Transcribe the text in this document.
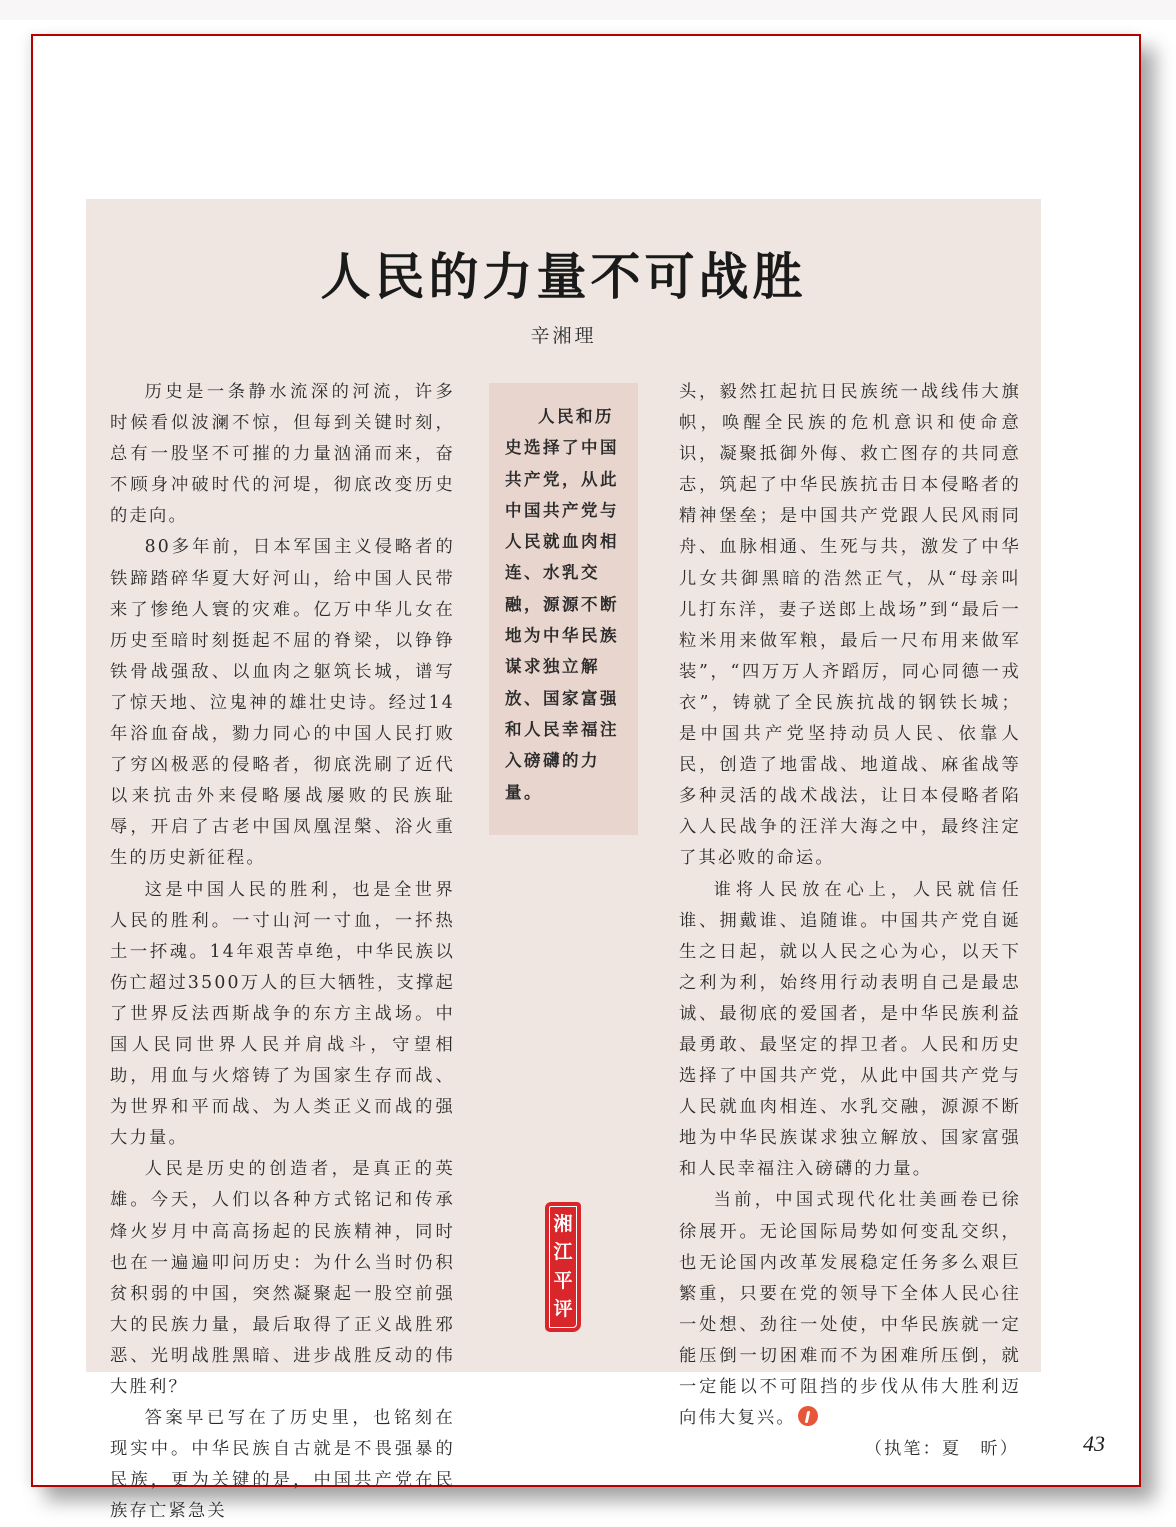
人民的力量不可战胜
辛湘理

历史是一条静水流深的河流，许多时候看似波澜不惊，但每到关键时刻，总有一股坚不可摧的力量汹涌而来，奋不顾身冲破时代的河堤，彻底改变历史的走向。

80多年前，日本军国主义侵略者的铁蹄踏碎华夏大好河山，给中国人民带来了惨绝人寰的灾难。亿万中华儿女在历史至暗时刻挺起不屈的脊梁，以铮铮铁骨战强敌、以血肉之躯筑长城，谱写了惊天地、泣鬼神的雄壮史诗。经过14年浴血奋战，勠力同心的中国人民打败了穷凶极恶的侵略者，彻底洗刷了近代以来抗击外来侵略屡战屡败的民族耻辱，开启了古老中国凤凰涅槃、浴火重生的历史新征程。

这是中国人民的胜利，也是全世界人民的胜利。一寸山河一寸血，一抔热土一抔魂。14年艰苦卓绝，中华民族以伤亡超过3500万人的巨大牺牲，支撑起了世界反法西斯战争的东方主战场。中国人民同世界人民并肩战斗，守望相助，用血与火熔铸了为国家生存而战、为世界和平而战、为人类正义而战的强大力量。

人民是历史的创造者，是真正的英雄。今天，人们以各种方式铭记和传承烽火岁月中高高扬起的民族精神，同时也在一遍遍叩问历史：为什么当时仍积贫积弱的中国，突然凝聚起一股空前强大的民族力量，最后取得了正义战胜邪恶、光明战胜黑暗、进步战胜反动的伟大胜利？

答案早已写在了历史里，也铭刻在现实中。中华民族自古就是不畏强暴的民族，更为关键的是，中国共产党在民族存亡紧急关

人民和历史选择了中国共产党，从此中国共产党与人民就血肉相连、水乳交融，源源不断地为中华民族谋求独立解放、国家富强和人民幸福注入磅礴的力量。

湘
江
平
评

头，毅然扛起抗日民族统一战线伟大旗帜，唤醒全民族的危机意识和使命意识，凝聚抵御外侮、救亡图存的共同意志，筑起了中华民族抗击日本侵略者的精神堡垒；是中国共产党跟人民风雨同舟、血脉相通、生死与共，激发了中华儿女共御黑暗的浩然正气，从“母亲叫儿打东洋，妻子送郎上战场”到“最后一粒米用来做军粮，最后一尺布用来做军装”，“四万万人齐蹈厉，同心同德一戎衣”，铸就了全民族抗战的钢铁长城；是中国共产党坚持动员人民、依靠人民，创造了地雷战、地道战、麻雀战等多种灵活的战术战法，让日本侵略者陷入人民战争的汪洋大海之中，最终注定了其必败的命运。

谁将人民放在心上，人民就信任谁、拥戴谁、追随谁。中国共产党自诞生之日起，就以人民之心为心，以天下之利为利，始终用行动表明自己是最忠诚、最彻底的爱国者，是中华民族利益最勇敢、最坚定的捍卫者。人民和历史选择了中国共产党，从此中国共产党与人民就血肉相连、水乳交融，源源不断地为中华民族谋求独立解放、国家富强和人民幸福注入磅礴的力量。

当前，中国式现代化壮美画卷已徐徐展开。无论国际局势如何变乱交织，也无论国内改革发展稳定任务多么艰巨繁重，只要在党的领导下全体人民心往一处想、劲往一处使，中华民族就一定能压倒一切困难而不为困难所压倒，就一定能以不可阻挡的步伐从伟大胜利迈向伟大复兴。

（执笔：夏　昕）	43
